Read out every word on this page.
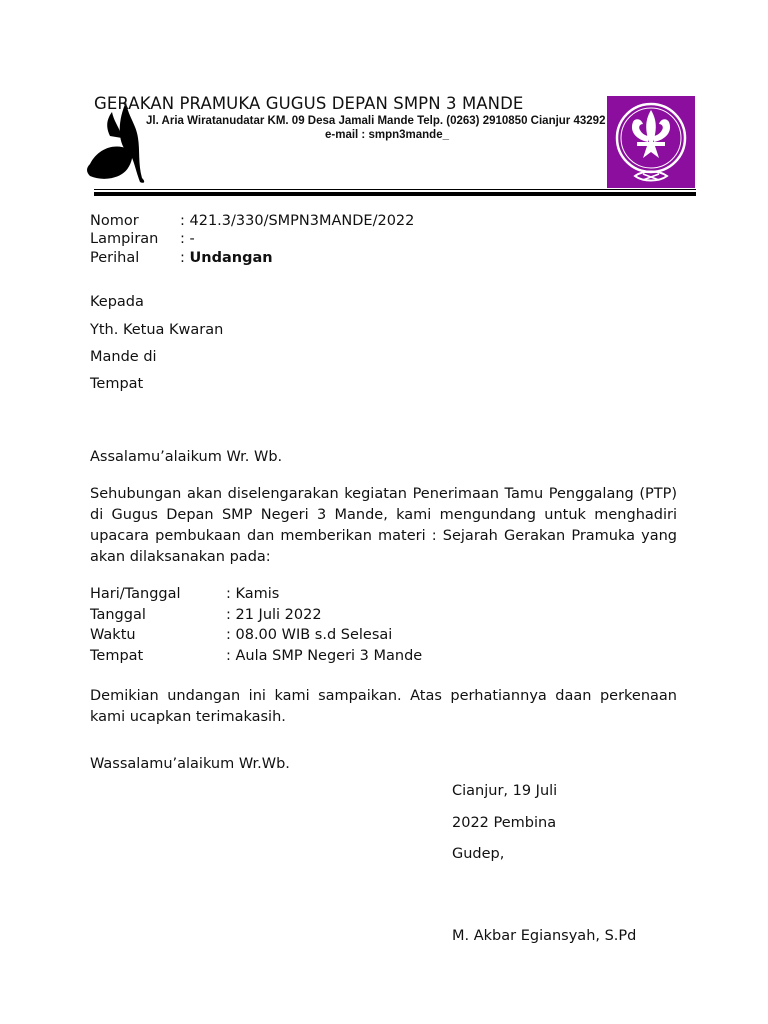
GERAKAN PRAMUKA GUGUS DEPAN SMPN 3 MANDE
Jl. Aria Wiratanudatar KM. 09 Desa Jamali Mande Telp. (0263) 2910850 Cianjur 43292
e-mail : smpn3mande_
Nomor	: 421.3/330/SMPN3MANDE/2022
Lampiran : -
Perihal	: Undangan
Kepada
Yth. Ketua Kwaran
Mande di
Tempat
Assalamu’alaikum Wr. Wb.
Sehubungan akan diselengarakan kegiatan Penerimaan Tamu Penggalang (PTP) di Gugus Depan SMP Negeri 3 Mande, kami mengundang untuk menghadiri upacara pembukaan dan memberikan materi : Sejarah Gerakan Pramuka yang akan dilaksanakan pada:
Hari/Tanggal	: Kamis
Tanggal	: 21 Juli 2022
Waktu	: 08.00 WIB s.d Selesai
Tempat	: Aula SMP Negeri 3 Mande
Demikian undangan ini kami sampaikan. Atas perhatiannya daan perkenaan kami ucapkan terimakasih.
Wassalamu’alaikum Wr.Wb.
Cianjur, 19 Juli
2022 Pembina
Gudep,
M. Akbar Egiansyah, S.Pd
